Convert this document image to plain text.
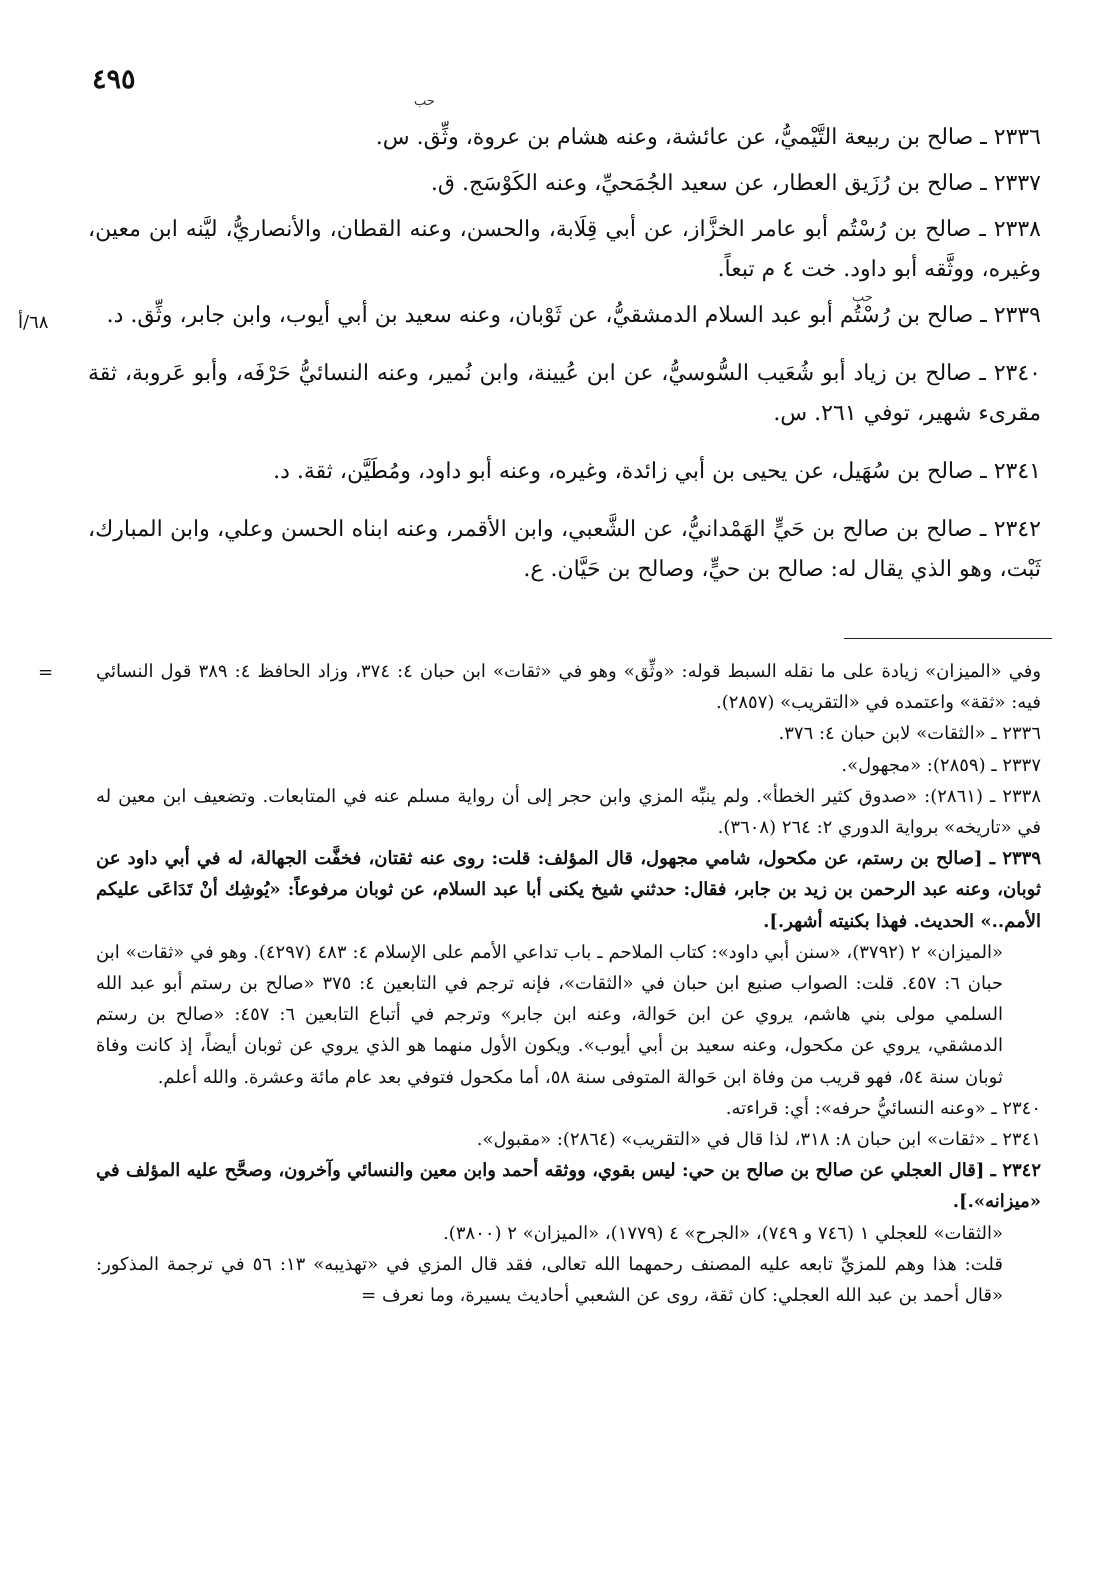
٤٩٥
حب
حب
٦٨/أ

٢٣٣٦ ـ صالح بن ربيعة التَّيْميُّ، عن عائشة، وعنه هشام بن عروة، وثِّق. س.

٢٣٣٧ ـ صالح بن رُزَيق العطار، عن سعيد الجُمَحيِّ، وعنه الكَوْسَج. ق.

٢٣٣٨ ـ صالح بن رُسْتُم أبو عامر الخزَّاز، عن أبي قِلَابة، والحسن، وعنه القطان، والأنصاريُّ، ليَّنه ابن معين، وغيره، ووثَّقه أبو داود. خت ٤ م تبعاً.

٢٣٣٩ ـ صالح بن رُسْتُم أبو عبد السلام الدمشقيُّ، عن ثَوْبان، وعنه سعيد بن أبي أيوب، وابن جابر، وثِّق. د.

٢٣٤٠ ـ صالح بن زياد أبو شُعَيب السُّوسيُّ، عن ابن عُيينة، وابن نُمير، وعنه النسائيُّ حَرْفَه، وأبو عَروبة، ثقة مقرىء شهير، توفي ٢٦١. س.

٢٣٤١ ـ صالح بن سُهَيل، عن يحيى بن أبي زائدة، وغيره، وعنه أبو داود، ومُطَيَّن، ثقة. د.

٢٣٤٢ ـ صالح بن صالح بن حَيٍّ الهَمْدانيُّ، عن الشَّعبي، وابن الأقمر، وعنه ابناه الحسن وعلي، وابن المبارك، ثَبْت، وهو الذي يقال له: صالح بن حيٍّ، وصالح بن حَيَّان. ع.

= وفي «الميزان» زيادة على ما نقله السبط قوله: «وثِّق» وهو في «ثقات» ابن حبان ٤: ٣٧٤، وزاد الحافظ ٤: ٣٨٩ قول النسائي فيه: «ثقة» واعتمده في «التقريب» (٢٨٥٧).

٢٣٣٦ ـ «الثقات» لابن حبان ٤: ٣٧٦.

٢٣٣٧ ـ (٢٨٥٩): «مجهول».

٢٣٣٨ ـ (٢٨٦١): «صدوق كثير الخطأ». ولم ينبِّه المزي وابن حجر إلى أن رواية مسلم عنه في المتابعات. وتضعيف ابن معين له في «تاريخه» برواية الدوري ٢: ٢٦٤ (٣٦٠٨).

٢٣٣٩ ـ [صالح بن رستم، عن مكحول، شامي مجهول، قال المؤلف: قلت: روى عنه ثقتان، فخفَّت الجهالة، له في أبي داود عن ثوبان، وعنه عبد الرحمن بن زيد بن جابر، فقال: حدثني شيخ يكنى أبا عبد السلام، عن ثوبان مرفوعاً: «يُوشِك أنْ تَدَاعَى عليكم الأمم..» الحديث. فهذا بكنيته أشهر.].

«الميزان» ٢ (٣٧٩٢)، «سنن أبي داود»: كتاب الملاحم ـ باب تداعي الأمم على الإسلام ٤: ٤٨٣ (٤٢٩٧). وهو في «ثقات» ابن حبان ٦: ٤٥٧. قلت: الصواب صنيع ابن حبان في «الثقات»، فإنه ترجم في التابعين ٤: ٣٧٥ «صالح بن رستم أبو عبد الله السلمي مولى بني هاشم، يروي عن ابن حَوالة، وعنه ابن جابر» وترجم في أتباع التابعين ٦: ٤٥٧: «صالح بن رستم الدمشقي، يروي عن مكحول، وعنه سعيد بن أبي أيوب». ويكون الأول منهما هو الذي يروي عن ثوبان أيضاً، إذ كانت وفاة ثوبان سنة ٥٤، فهو قريب من وفاة ابن حَوالة المتوفى سنة ٥٨، أما مكحول فتوفي بعد عام مائة وعشرة. والله أعلم.

٢٣٤٠ ـ «وعنه النسائيُّ حرفه»: أي: قراءته.

٢٣٤١ ـ «ثقات» ابن حبان ٨: ٣١٨، لذا قال في «التقريب» (٢٨٦٤): «مقبول».

٢٣٤٢ ـ [قال العجلي عن صالح بن صالح بن حي: ليس بقوي، ووثقه أحمد وابن معين والنسائي وآخرون، وصحَّح عليه المؤلف في «ميزانه».].

«الثقات» للعجلي ١ (٧٤٦ و ٧٤٩)، «الجرح» ٤ (١٧٧٩)، «الميزان» ٢ (٣٨٠٠).

قلت: هذا وهم للمزيِّ تابعه عليه المصنف رحمهما الله تعالى، فقد قال المزي في «تهذيبه» ١٣: ٥٦ في ترجمة المذكور: «قال أحمد بن عبد الله العجلي: كان ثقة، روى عن الشعبي أحاديث يسيرة، وما نعرف =
